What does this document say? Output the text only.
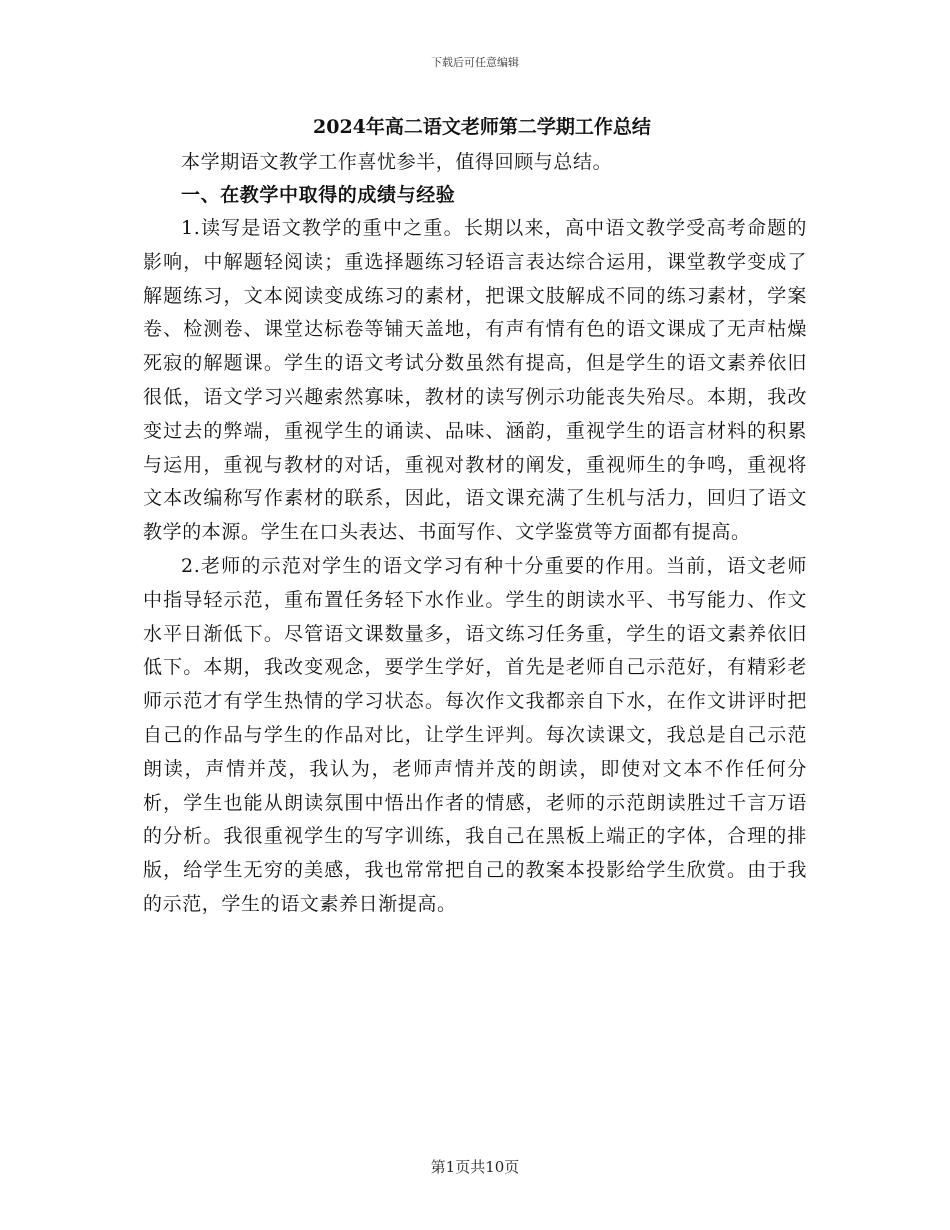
下载后可任意编辑
2024年高二语文老师第二学期工作总结

本学期语文教学工作喜忧参半，值得回顾与总结。

一、在教学中取得的成绩与经验

1.读写是语文教学的重中之重。长期以来，高中语文教学受高考命题的影响，中解题轻阅读；重选择题练习轻语言表达综合运用，课堂教学变成了解题练习，文本阅读变成练习的素材，把课文肢解成不同的练习素材，学案卷、检测卷、课堂达标卷等铺天盖地，有声有情有色的语文课成了无声枯燥死寂的解题课。学生的语文考试分数虽然有提高，但是学生的语文素养依旧很低，语文学习兴趣索然寡味，教材的读写例示功能丧失殆尽。本期，我改变过去的弊端，重视学生的诵读、品味、涵韵，重视学生的语言材料的积累与运用，重视与教材的对话，重视对教材的阐发，重视师生的争鸣，重视将文本改编称写作素材的联系，因此，语文课充满了生机与活力，回归了语文教学的本源。学生在口头表达、书面写作、文学鉴赏等方面都有提高。

2.老师的示范对学生的语文学习有种十分重要的作用。当前，语文老师中指导轻示范，重布置任务轻下水作业。学生的朗读水平、书写能力、作文水平日渐低下。尽管语文课数量多，语文练习任务重，学生的语文素养依旧低下。本期，我改变观念，要学生学好，首先是老师自己示范好，有精彩老师示范才有学生热情的学习状态。每次作文我都亲自下水，在作文讲评时把自己的作品与学生的作品对比，让学生评判。每次读课文，我总是自己示范朗读，声情并茂，我认为，老师声情并茂的朗读，即使对文本不作任何分析，学生也能从朗读氛围中悟出作者的情感，老师的示范朗读胜过千言万语的分析。我很重视学生的写字训练，我自己在黑板上端正的字体，合理的排版，给学生无穷的美感，我也常常把自己的教案本投影给学生欣赏。由于我的示范，学生的语文素养日渐提高。

第1页共10页
